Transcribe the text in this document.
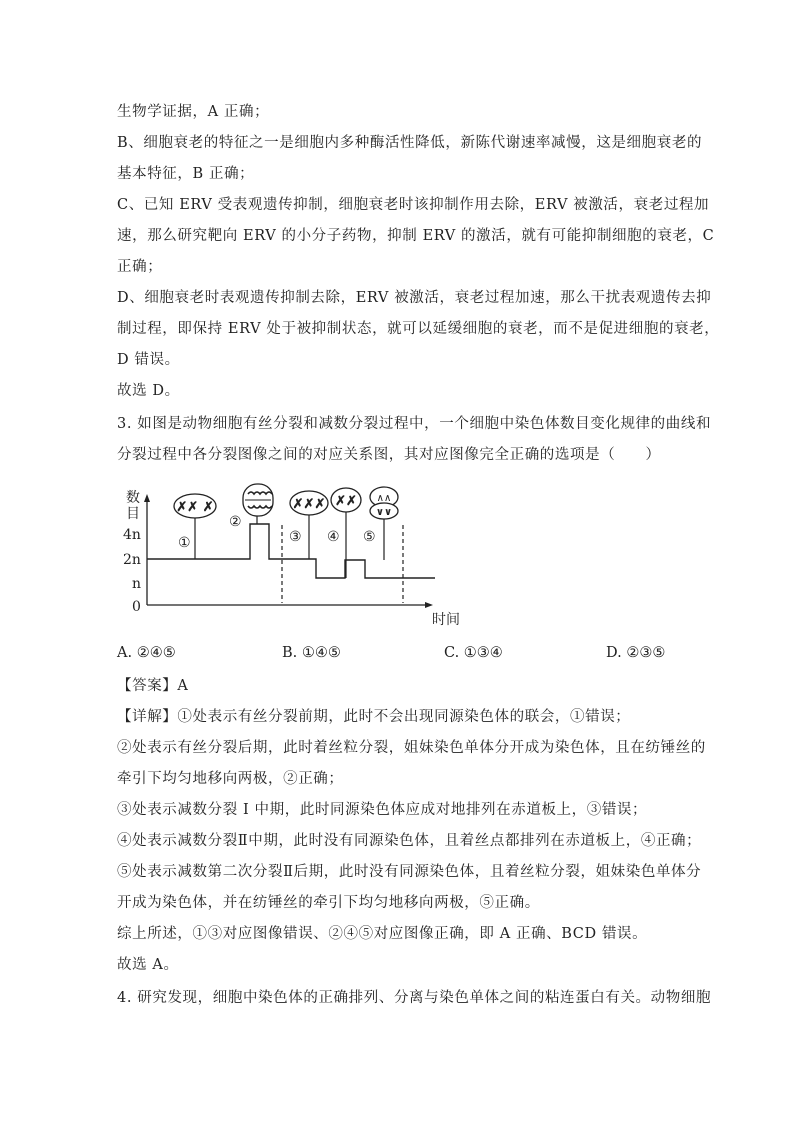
生物学证据，A 正确；
B、细胞衰老的特征之一是细胞内多种酶活性降低，新陈代谢速率减慢，这是细胞衰老的
基本特征，B 正确；
C、已知 ERV 受表观遗传抑制，细胞衰老时该抑制作用去除，ERV 被激活，衰老过程加
速，那么研究靶向 ERV 的小分子药物，抑制 ERV 的激活，就有可能抑制细胞的衰老，C
正确；
D、细胞衰老时表观遗传抑制去除，ERV 被激活，衰老过程加速，那么干扰表观遗传去抑
制过程，即保持 ERV 处于被抑制状态，就可以延缓细胞的衰老，而不是促进细胞的衰老，
D 错误。
故选 D。
3. 如图是动物细胞有丝分裂和减数分裂过程中，一个细胞中染色体数目变化规律的曲线和
分裂过程中各分裂图像之间的对应关系图，其对应图像完全正确的选项是（　　）
数
目
4n
2n
n
0
时间
✗✗ ✗
①
②
✗✗✗
③
✗✗
④
∧∧
∨∨
⑤
A. ②④⑤	B. ①④⑤	C. ①③④	D. ②③⑤
【答案】A
【详解】①处表示有丝分裂前期，此时不会出现同源染色体的联会，①错误；
②处表示有丝分裂后期，此时着丝粒分裂，姐妹染色单体分开成为染色体，且在纺锤丝的
牵引下均匀地移向两极，②正确；
③处表示减数分裂 I 中期，此时同源染色体应成对地排列在赤道板上，③错误；
④处表示减数分裂Ⅱ中期，此时没有同源染色体，且着丝点都排列在赤道板上，④正确；
⑤处表示减数第二次分裂Ⅱ后期，此时没有同源染色体，且着丝粒分裂，姐妹染色单体分
开成为染色体，并在纺锤丝的牵引下均匀地移向两极，⑤正确。
综上所述，①③对应图像错误、②④⑤对应图像正确，即 A 正确、BCD 错误。
故选 A。
4. 研究发现，细胞中染色体的正确排列、分离与染色单体之间的粘连蛋白有关。动物细胞
